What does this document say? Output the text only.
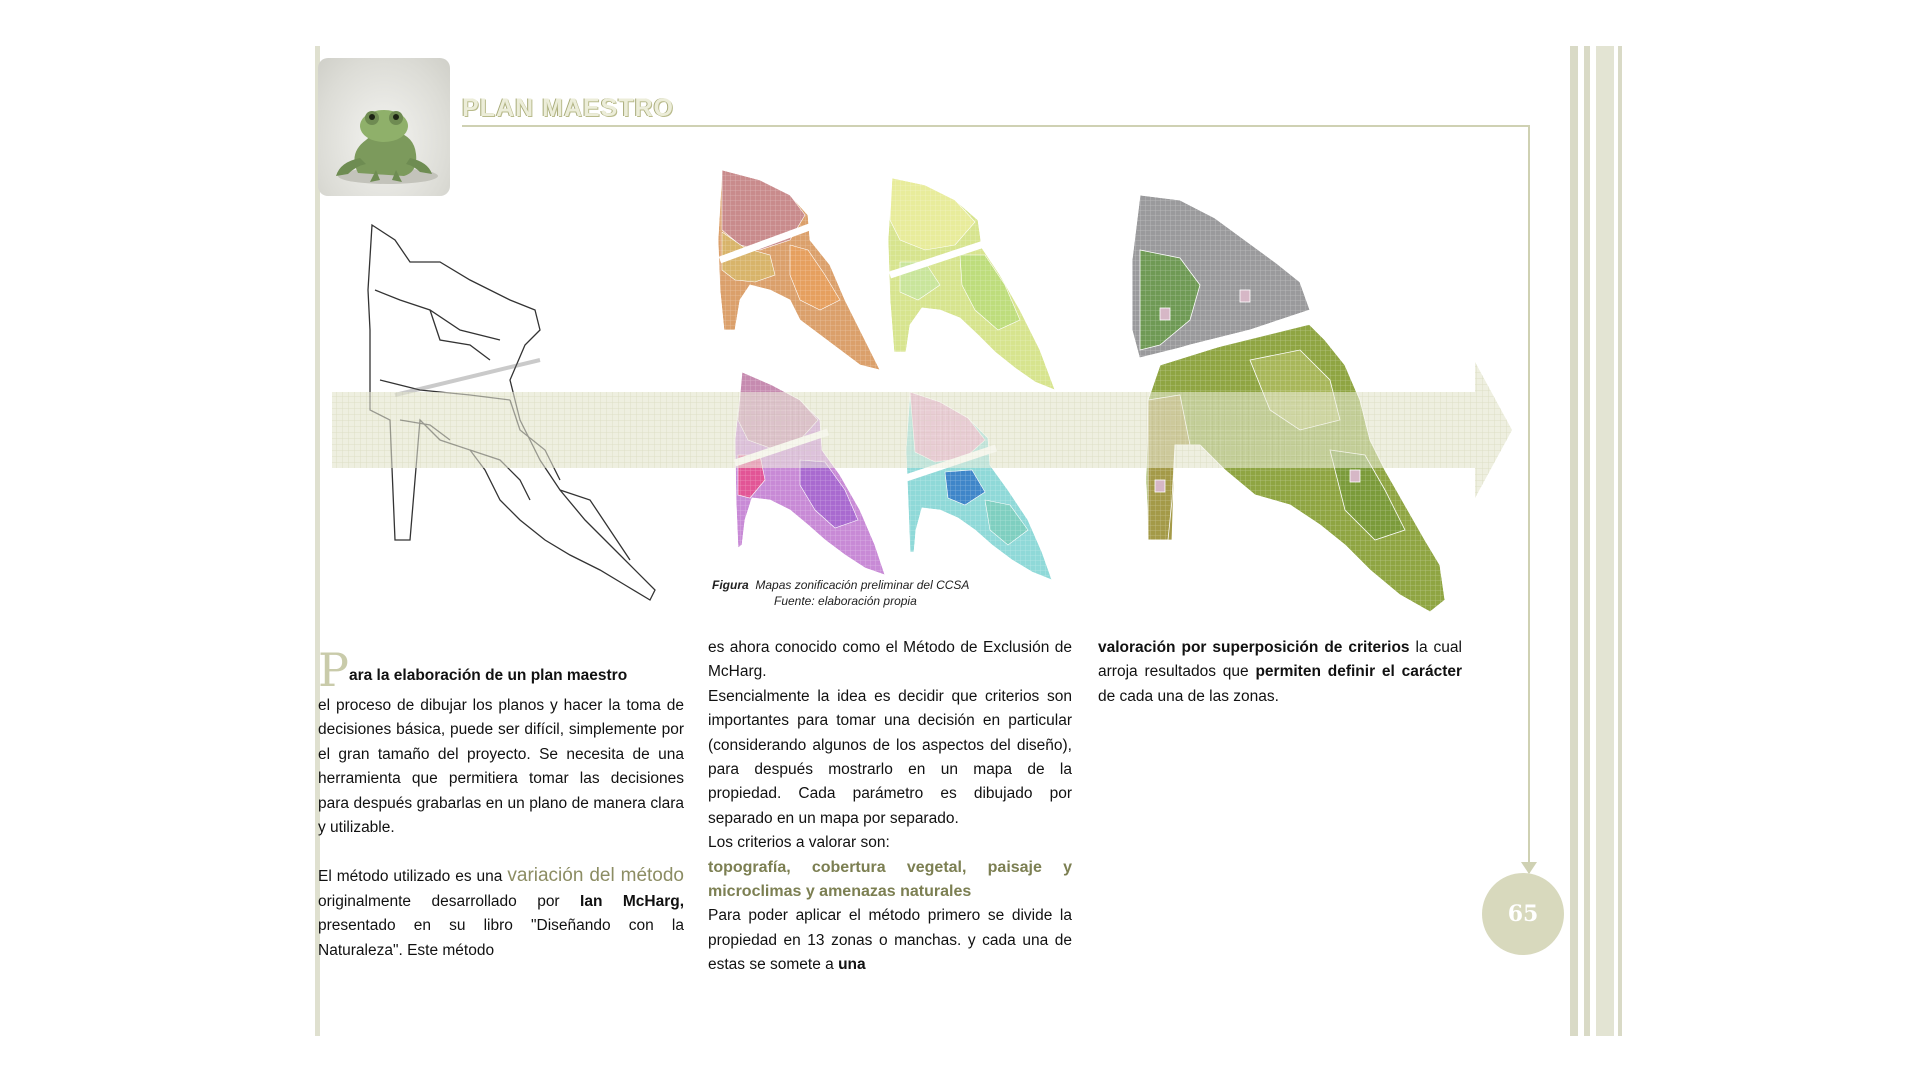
PLAN MAESTRO
Figura Mapas zonificación preliminar del CCSA
Fuente: elaboración propia
Para la elaboración de un plan maestro
el proceso de dibujar los planos y hacer la toma de decisiones básica, puede ser difícil, simplemente por el gran tamaño del proyecto. Se necesita de una herramienta que permitiera tomar las decisiones para después grabarlas en un plano de manera clara y utilizable.
El método utilizado es una variación del método originalmente desarrollado por Ian McHarg, presentado en su libro "Diseñando con la Naturaleza". Este método
es ahora conocido como el Método de Exclusión de McHarg.
Esencialmente la idea es decidir que criterios son importantes para tomar una decisión en particular (considerando algunos de los aspectos del diseño), para después mostrarlo en un mapa de la propiedad. Cada parámetro es dibujado por separado en un mapa por separado.
Los criterios a valorar son:
topografía, cobertura vegetal, paisaje y microclimas y amenazas naturales
Para poder aplicar el método primero se divide la propiedad en 13 zonas o manchas. y cada una de estas se somete a una
valoración por superposición de criterios la cual arroja resultados que permiten definir el carácter de cada una de las zonas.
65
